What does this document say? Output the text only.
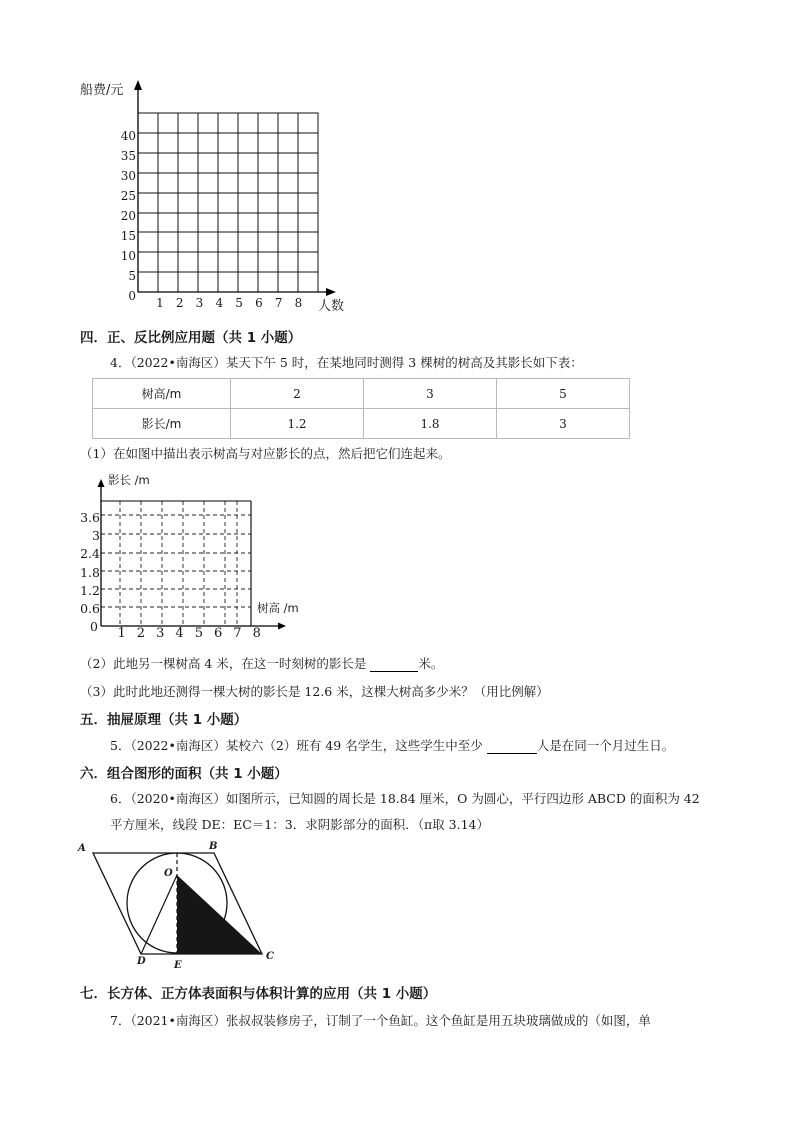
船费/元
人数
40
35
30
25
20
15
10
5
0	1 2 3 4 5 6 7 8
四．正、反比例应用题（共 1 小题）
4．（2022•南海区）某天下午 5 时，在某地同时测得 3 棵树的树高及其影长如下表：
树高/m	2	3	5
影长/m	1.2	1.8	3
（1）在如图中描出表示树高与对应影长的点，然后把它们连起来。
影长 /m
树高 /m
3.6
3
2.4
1.8
1.2
0.6
0	1 2 3 4 5 6 7 8
（2）此地另一棵树高 4 米，在这一时刻树的影长是	米。
（3）此时此地还测得一棵大树的影长是 12.6 米，这棵大树高多少米？（用比例解）
五．抽屉原理（共 1 小题）
5．（2022•南海区）某校六（2）班有 49 名学生，这些学生中至少	人是在同一个月过生日。
六．组合图形的面积（共 1 小题）
6．（2020•南海区）如图所示，已知圆的周长是 18.84 厘米，O 为圆心，平行四边形 ABCD 的面积为 42
平方厘米，线段 DE：EC＝1：3．求阴影部分的面积．（π取 3.14）
A	B
O
D	E
C
七．长方体、正方体表面积与体积计算的应用（共 1 小题）
7．（2021•南海区）张叔叔装修房子，订制了一个鱼缸。这个鱼缸是用五块玻璃做成的（如图，单
